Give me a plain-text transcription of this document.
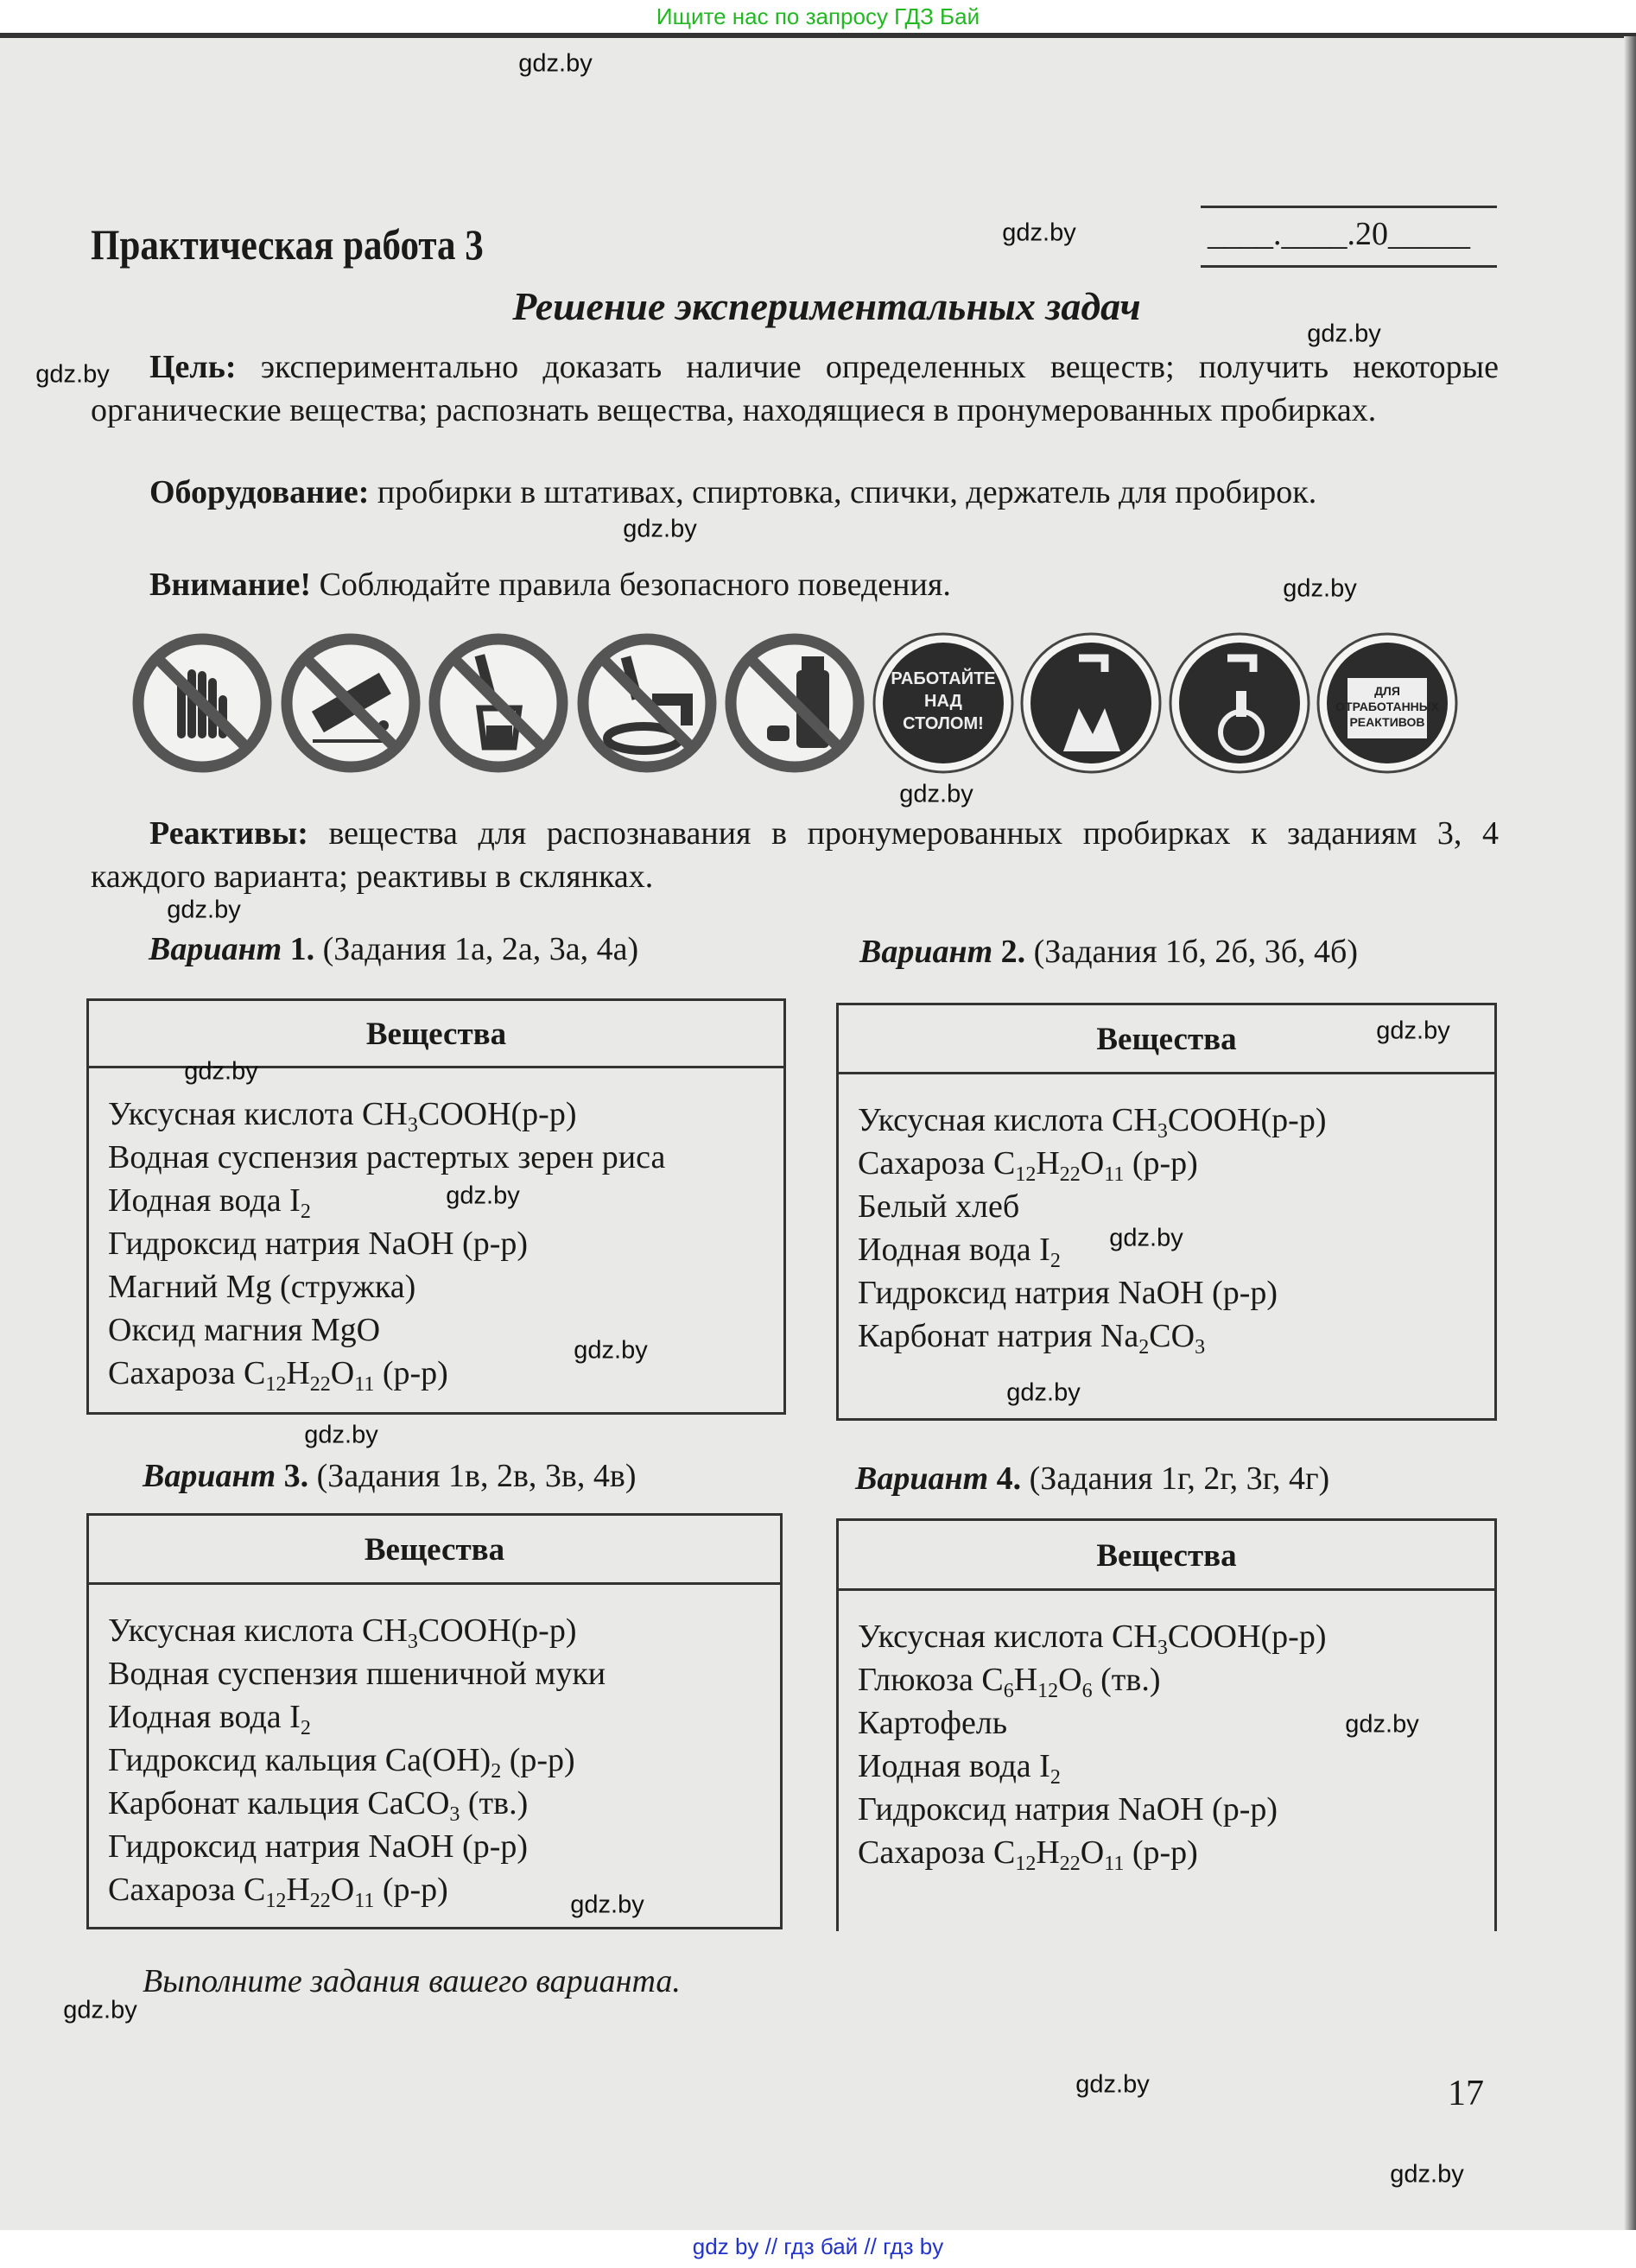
Ищите нас по запросу ГДЗ Бай
Практическая работа 3	____.____.20_____
Решение экспериментальных задач
Цель: экспериментально доказать наличие определенных веществ; получить некоторые органические вещества; распознать вещества, находящиеся в пронумерованных пробирках.
Оборудование: пробирки в штативах, спиртовка, спички, держатель для пробирок.
Внимание! Соблюдайте правила безопасного поведения.
РАБОТАЙТЕ
НАД
СТОЛОМ!
ДЛЯ
ОТРАБОТАННЫХ
РЕАКТИВОВ
Реактивы: вещества для распознавания в пронумерованных пробирках к заданиям 3, 4 каждого варианта; реактивы в склянках.
Вариант 1. (Задания 1а, 2а, 3а, 4а)
Вещества
Уксусная кислота $CH_3COOH(р-р)$
Водная суспензия растертых зерен риса
Иодная вода $I_2$
Гидроксид натрия NaOH (р-р)
Магний Mg (стружка)
Оксид магния MgO
Сахароза $C_{12}H_{22}O_{11}$ (р-р)
Вариант 2. (Задания 1б, 2б, 3б, 4б)
Вещества
Уксусная кислота $CH_3COOH(р-р)$
Сахароза $C_{12}H_{22}O_{11}$ (р-р)
Белый хлеб
Иодная вода $I_2$
Гидроксид натрия NaOH (р-р)
Карбонат натрия $Na_2CO_3$
Вариант 3. (Задания 1в, 2в, 3в, 4в)
Вещества
Уксусная кислота $CH_3COOH(р-р)$
Водная суспензия пшеничной муки
Иодная вода $I_2$
Гидроксид кальция $Ca(OH)_2$ (р-р)
Карбонат кальция CaCO$_3$ (тв.)
Гидроксид натрия NaOH (р-р)
Сахароза $C_{12}H_{22}O_{11}$ (р-р)
Вариант 4. (Задания 1г, 2г, 3г, 4г)
Вещества
Уксусная кислота $CH_3COOH(р-р)$
Глюкоза $C_6H_{12}O_6$ (тв.)
Картофель
Иодная вода $I_2$
Гидроксид натрия NaOH (р-р)
Сахароза $C_{12}H_{22}O_{11}$ (р-р)
Выполните задания вашего варианта.
17
gdz by // гдз бай // гдз by
gdz.by
gdz.by
gdz.by
gdz.by
gdz.by
gdz.by
gdz.by
gdz.by
gdz.by
gdz.by
gdz.by
gdz.by
gdz.by
gdz.by
gdz.by
gdz.by
gdz.by
gdz.by
gdz.by
gdz.by
